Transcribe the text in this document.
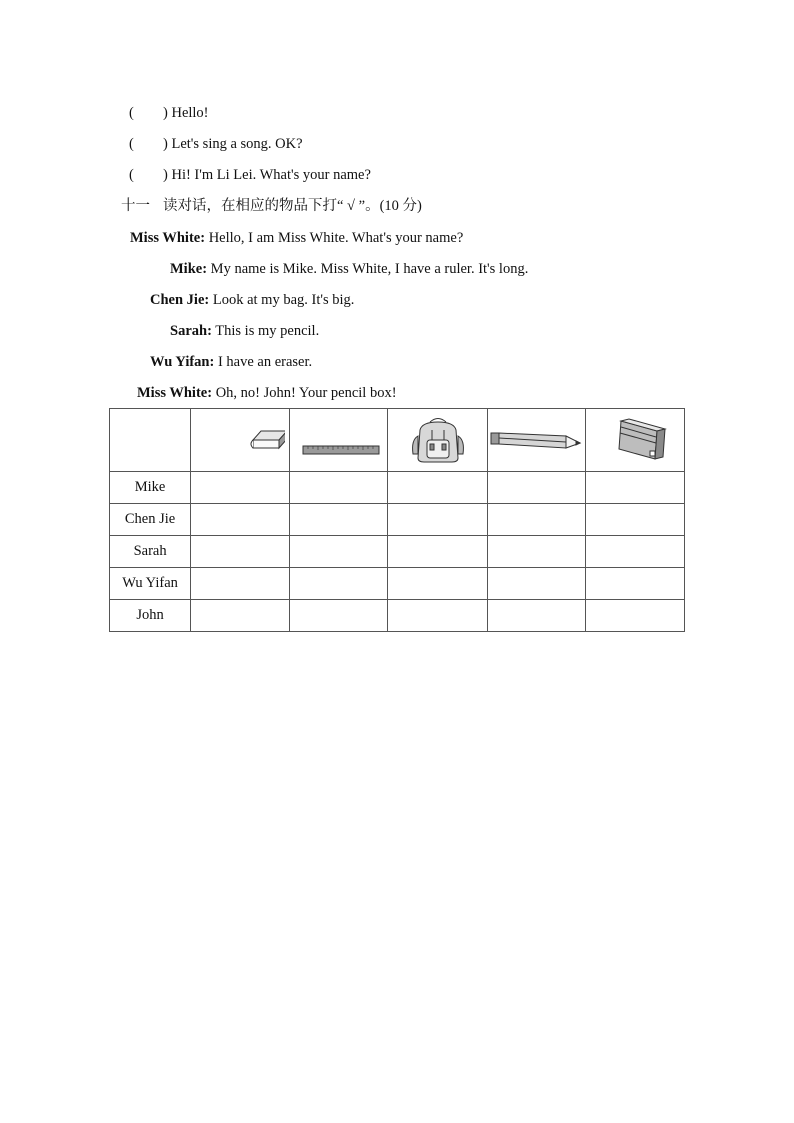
( ) Hello!
( ) Let's sing a song. OK?
( ) Hi! I'm Li Lei. What's your name?
十一 读对话，在相应的物品下打“ √ ”。(10 分)
Miss White: Hello, I am Miss White. What's your name?
Mike: My name is Mike. Miss White, I have a ruler. It's long.
Chen Jie: Look at my bag. It's big.
Sarah: This is my pencil.
Wu Yifan: I have an eraser.
Miss White: Oh, no! John! Your pencil box!

Mike					
Chen Jie					
Sarah					
Wu Yifan					
John					
